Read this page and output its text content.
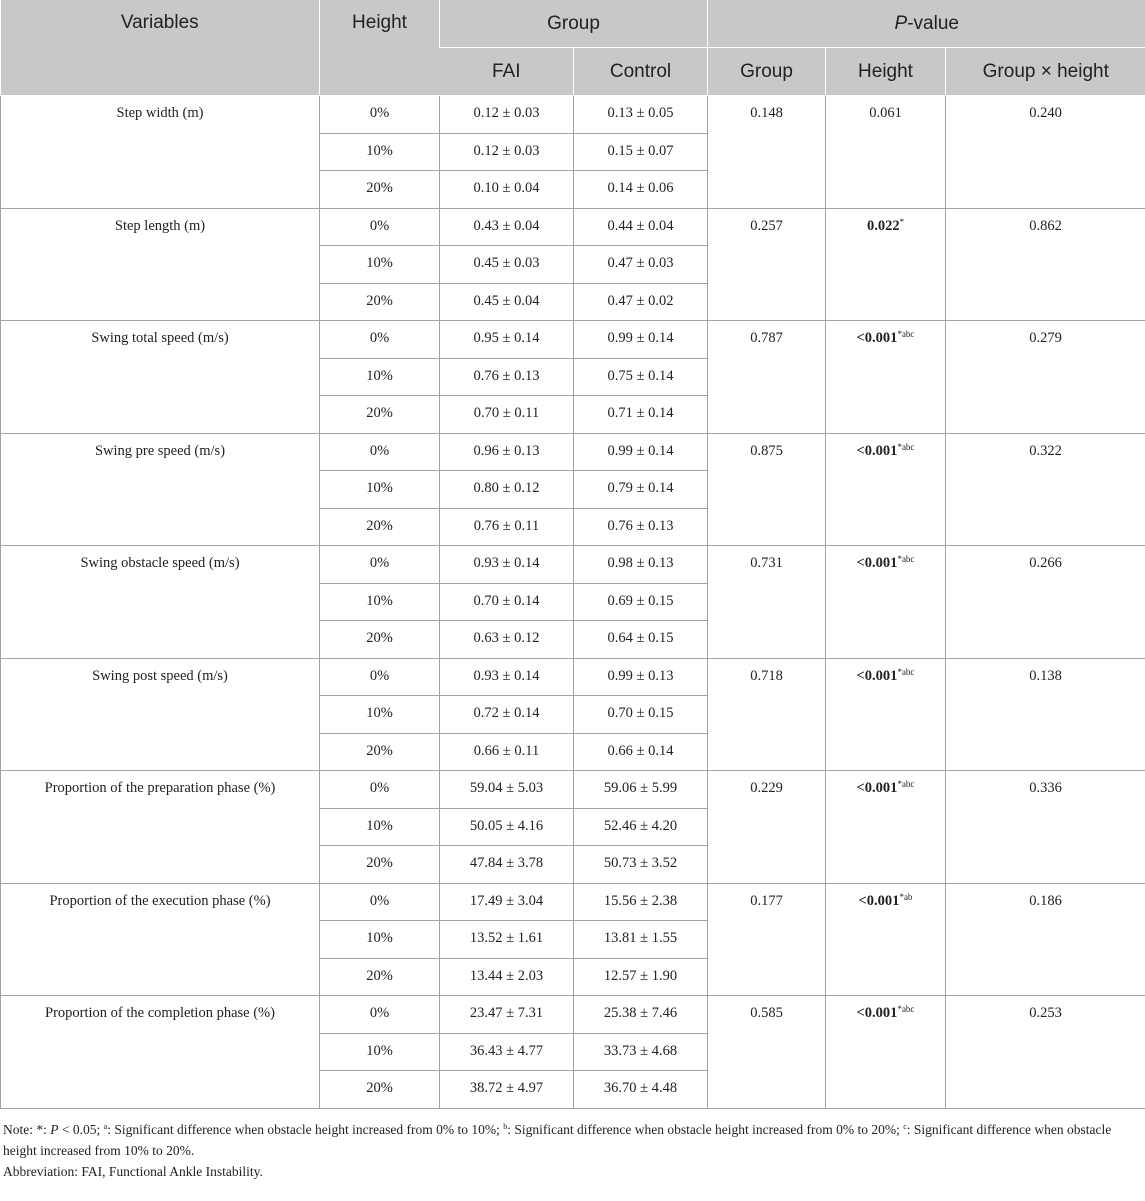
Variables	Height	Group		P-value		
		FAI	Control	Group	Height	Group × height
Step width (m)	0%	0.12 ± 0.03	0.13 ± 0.05	0.148	0.061	0.240
	10%	0.12 ± 0.03	0.15 ± 0.07			
	20%	0.10 ± 0.04	0.14 ± 0.06			
Step length (m)	0%	0.43 ± 0.04	0.44 ± 0.04	0.257	0.022*	0.862
	10%	0.45 ± 0.03	0.47 ± 0.03			
	20%	0.45 ± 0.04	0.47 ± 0.02			
Swing total speed (m/s)	0%	0.95 ± 0.14	0.99 ± 0.14	0.787	$<0.001^{*abc}$	0.279
	10%	0.76 ± 0.13	0.75 ± 0.14			
	20%	0.70 ± 0.11	0.71 ± 0.14			
Swing pre speed (m/s)	0%	0.96 ± 0.13	0.99 ± 0.14	0.875	$<0.001^{*abc}$	0.322
	10%	0.80 ± 0.12	0.79 ± 0.14			
	20%	0.76 ± 0.11	0.76 ± 0.13			
Swing obstacle speed (m/s)	0%	0.93 ± 0.14	0.98 ± 0.13	0.731	$<0.001^{*abc}$	0.266
	10%	0.70 ± 0.14	0.69 ± 0.15			
	20%	0.63 ± 0.12	0.64 ± 0.15			
Swing post speed (m/s)	0%	0.93 ± 0.14	0.99 ± 0.13	0.718	$<0.001^{*abc}$	0.138
	10%	0.72 ± 0.14	0.70 ± 0.15			
	20%	0.66 ± 0.11	0.66 ± 0.14			
Proportion of the preparation phase (%)	0%	59.04 ± 5.03	59.06 ± 5.99	0.229	$<0.001^{*abc}$	0.336
	10%	50.05 ± 4.16	52.46 ± 4.20			
	20%	47.84 ± 3.78	50.73 ± 3.52			
Proportion of the execution phase (%)	0%	17.49 ± 3.04	15.56 ± 2.38	0.177	$<0.001^{*ab}$	0.186
	10%	13.52 ± 1.61	13.81 ± 1.55			
	20%	13.44 ± 2.03	12.57 ± 1.90			
Proportion of the completion phase (%)	0%	23.47 ± 7.31	25.38 ± 7.46	0.585	$<0.001^{*abc}$	0.253
	10%	36.43 ± 4.77	33.73 ± 4.68			
	20%	38.72 ± 4.97	36.70 ± 4.48			
Note: *: P < 0.05; $^a$: Significant difference when obstacle height increased from 0% to 10%; $^b$: Significant difference when obstacle height increased from 0% to 20%; $^c$: Significant difference when obstacle height increased from 10% to 20%.
Abbreviation: FAI, Functional Ankle Instability.
